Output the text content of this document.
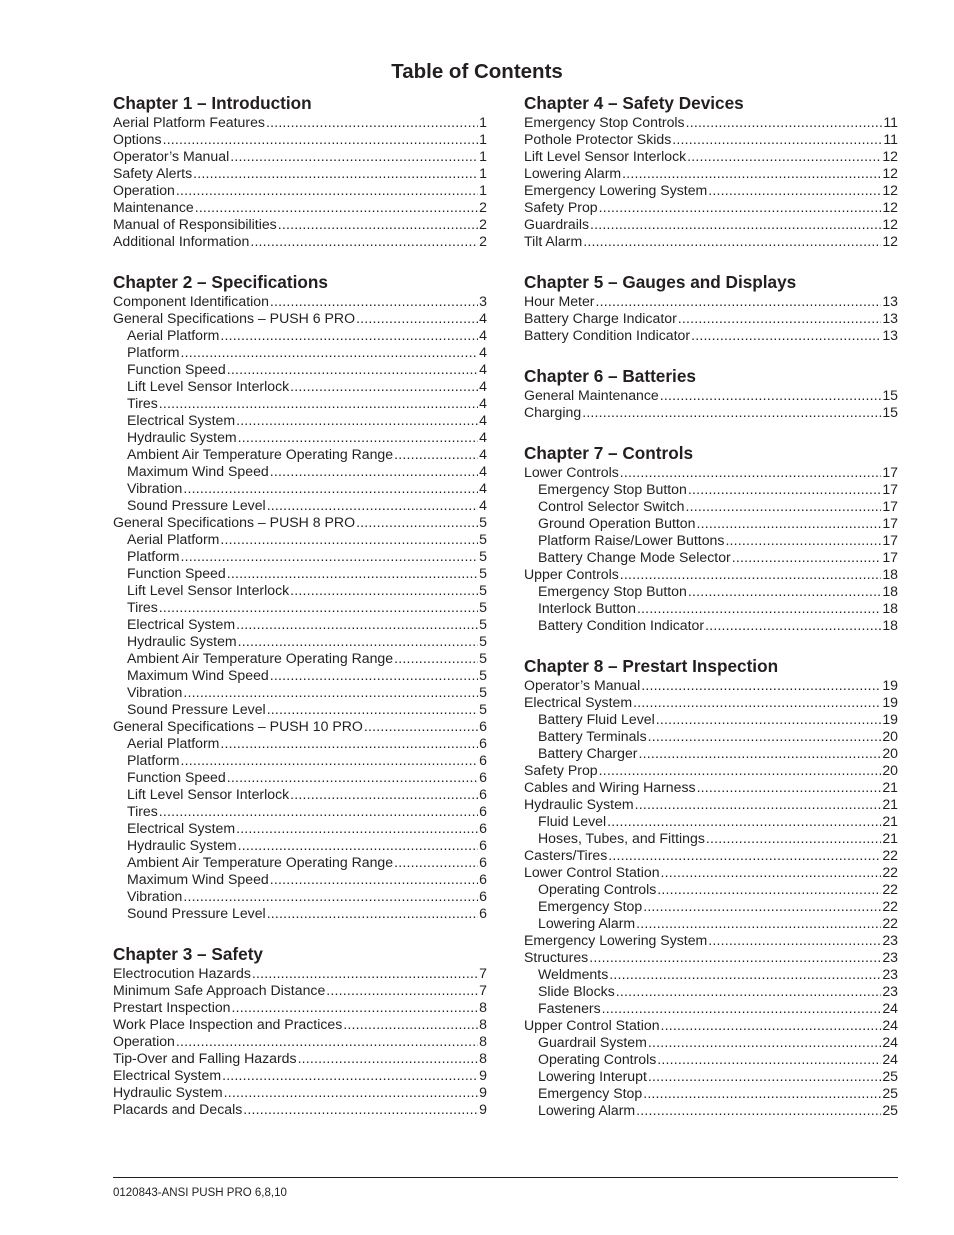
Table of Contents
Chapter 1 – Introduction
Aerial Platform Features .....	1
Options .....	1
Operator’s Manual .....	1
Safety Alerts .....	1
Operation .....	1
Maintenance .....	2
Manual of Responsibilities .....	2
Additional Information .....	2
Chapter 2 – Specifications
Component Identification .....	3
General Specifications – PUSH 6 PRO .....	4
Aerial Platform .....	4
Platform .....	4
Function Speed .....	4
Lift Level Sensor Interlock .....	4
Tires .....	4
Electrical System .....	4
Hydraulic System .....	4
Ambient Air Temperature Operating Range .....	4
Maximum Wind Speed .....	4
Vibration .....	4
Sound Pressure Level .....	4
General Specifications – PUSH 8 PRO .....	5
Aerial Platform .....	5
Platform .....	5
Function Speed .....	5
Lift Level Sensor Interlock .....	5
Tires .....	5
Electrical System .....	5
Hydraulic System .....	5
Ambient Air Temperature Operating Range .....	5
Maximum Wind Speed .....	5
Vibration .....	5
Sound Pressure Level .....	5
General Specifications – PUSH 10 PRO .....	6
Aerial Platform .....	6
Platform .....	6
Function Speed .....	6
Lift Level Sensor Interlock .....	6
Tires .....	6
Electrical System .....	6
Hydraulic System .....	6
Ambient Air Temperature Operating Range .....	6
Maximum Wind Speed .....	6
Vibration .....	6
Sound Pressure Level .....	6
Chapter 3 – Safety
Electrocution Hazards .....	7
Minimum Safe Approach Distance .....	7
Prestart Inspection .....	8
Work Place Inspection and Practices .....	8
Operation .....	8
Tip-Over and Falling Hazards .....	8
Electrical System .....	9
Hydraulic System .....	9
Placards and Decals .....	9
Chapter 4 – Safety Devices
Emergency Stop Controls .....	11
Pothole Protector Skids .....	11
Lift Level Sensor Interlock .....	12
Lowering Alarm .....	12
Emergency Lowering System .....	12
Safety Prop .....	12
Guardrails .....	12
Tilt Alarm .....	12
Chapter 5 – Gauges and Displays
Hour Meter .....	13
Battery Charge Indicator .....	13
Battery Condition Indicator .....	13
Chapter 6 – Batteries
General Maintenance .....	15
Charging .....	15
Chapter 7 – Controls
Lower Controls .....	17
Emergency Stop Button .....	17
Control Selector Switch .....	17
Ground Operation Button .....	17
Platform Raise/Lower Buttons .....	17
Battery Change Mode Selector .....	17
Upper Controls .....	18
Emergency Stop Button .....	18
Interlock Button .....	18
Battery Condition Indicator .....	18
Chapter 8 – Prestart Inspection
Operator’s Manual .....	19
Electrical System .....	19
Battery Fluid Level .....	19
Battery Terminals .....	20
Battery Charger .....	20
Safety Prop .....	20
Cables and Wiring Harness .....	21
Hydraulic System .....	21
Fluid Level .....	21
Hoses, Tubes, and Fittings .....	21
Casters/Tires .....	22
Lower Control Station .....	22
Operating Controls .....	22
Emergency Stop .....	22
Lowering Alarm .....	22
Emergency Lowering System .....	23
Structures .....	23
Weldments .....	23
Slide Blocks .....	23
Fasteners .....	24
Upper Control Station .....	24
Guardrail System .....	24
Operating Controls .....	24
Lowering Interupt .....	25
Emergency Stop .....	25
Lowering Alarm .....	25
0120843-ANSI PUSH PRO 6,8,10
